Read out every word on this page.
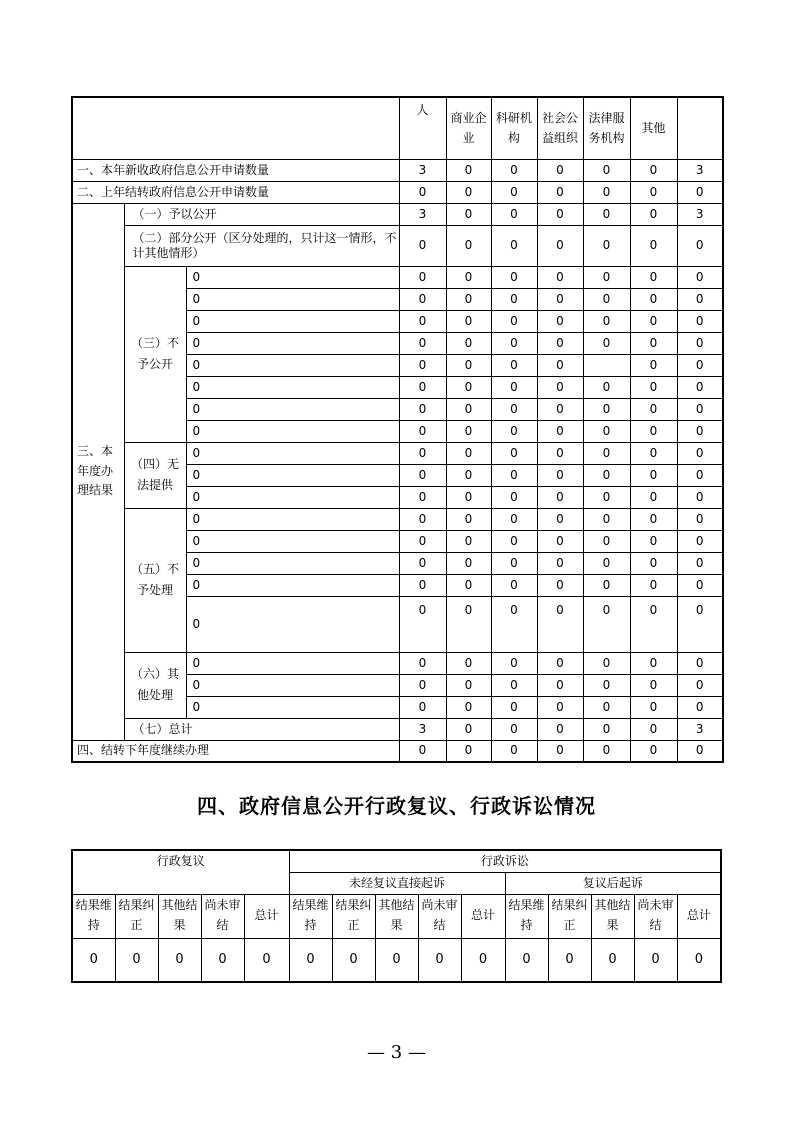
			人	商业企业	科研机构	社会公益组织	法律服务机构	其他	
一、本年新收政府信息公开申请数量			3	0	0	0	0	0	3
二、上年结转政府信息公开申请数量			0	0	0	0	0	0	0
三、本年度办理结果	（一）予以公开		3	0	0	0	0	0	3
	（二）部分公开（区分处理的，只计这一情形，不计其他情形）		0	0	0	0	0	0	0
	（三）不予公开	0	0	0	0	0	0	0	0
		0	0	0	0	0	0	0	0
		0	0	0	0	0	0	0	0
		0	0	0	0	0	0	0	0
		0	0	0	0	0		0	0
		0	0	0	0	0	0	0	0
		0	0	0	0	0	0	0	0
		0	0	0	0	0	0	0	0
	（四）无法提供	0	0	0	0	0	0	0	0
		0	0	0	0	0	0	0	0
		0	0	0	0	0	0	0	0
	（五）不予处理	0	0	0	0	0	0	0	0
		0	0	0	0	0	0	0	0
		0	0	0	0	0	0	0	0
		0	0	0	0	0	0	0	0
		0	0	0	0	0	0	0	0
	（六）其他处理	0	0	0	0	0	0	0	0
		0	0	0	0	0	0	0	0
		0	0	0	0	0	0	0	0
	（七）总计		3	0	0	0	0	0	3
四、结转下年度继续办理			0	0	0	0	0	0	0
四、政府信息公开行政复议、行政诉讼情况
行政复议					行政诉讼									
					未经复议直接起诉					复议后起诉				
结果维持	结果纠正	其他结果	尚未审结	总计	结果维持	结果纠正	其他结果	尚未审结	总计	结果维持	结果纠正	其他结果	尚未审结	总计
0	0	0	0	0	0	0	0	0	0	0	0	0	0	0
— 3 —
